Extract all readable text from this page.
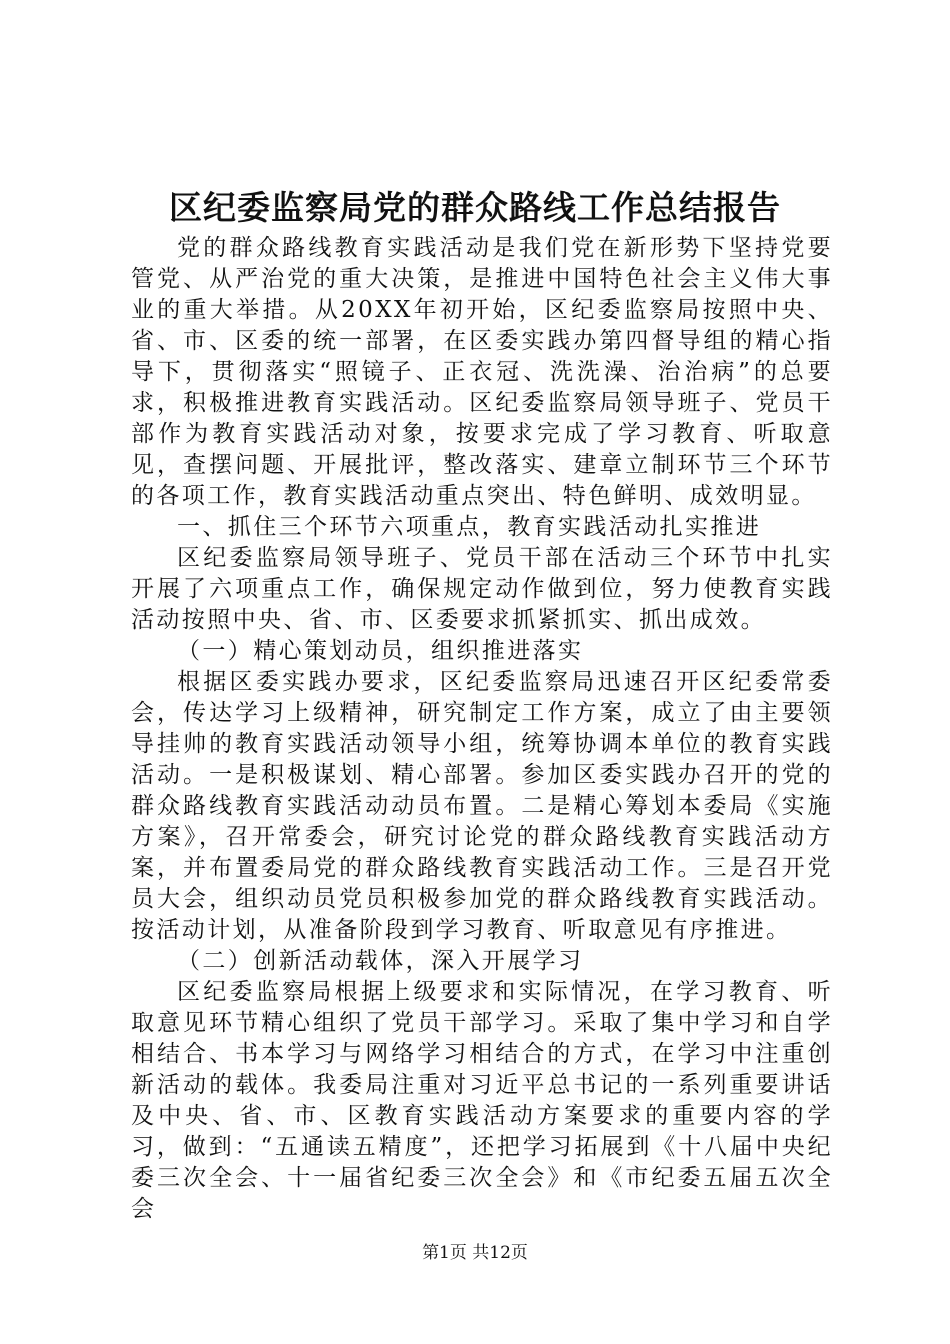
区纪委监察局党的群众路线工作总结报告

党的群众路线教育实践活动是我们党在新形势下坚持党要管党、从严治党的重大决策，是推进中国特色社会主义伟大事业的重大举措。从20XX年初开始，区纪委监察局按照中央、省、市、区委的统一部署，在区委实践办第四督导组的精心指导下，贯彻落实“照镜子、正衣冠、洗洗澡、治治病”的总要求，积极推进教育实践活动。区纪委监察局领导班子、党员干部作为教育实践活动对象，按要求完成了学习教育、听取意见，查摆问题、开展批评，整改落实、建章立制环节三个环节的各项工作，教育实践活动重点突出、特色鲜明、成效明显。

一、抓住三个环节六项重点，教育实践活动扎实推进

区纪委监察局领导班子、党员干部在活动三个环节中扎实开展了六项重点工作，确保规定动作做到位，努力使教育实践活动按照中央、省、市、区委要求抓紧抓实、抓出成效。

（一）精心策划动员，组织推进落实

根据区委实践办要求，区纪委监察局迅速召开区纪委常委会，传达学习上级精神，研究制定工作方案，成立了由主要领导挂帅的教育实践活动领导小组，统筹协调本单位的教育实践活动。一是积极谋划、精心部署。参加区委实践办召开的党的群众路线教育实践活动动员布置。二是精心筹划本委局《实施方案》，召开常委会，研究讨论党的群众路线教育实践活动方案，并布置委局党的群众路线教育实践活动工作。三是召开党员大会，组织动员党员积极参加党的群众路线教育实践活动。按活动计划，从准备阶段到学习教育、听取意见有序推进。

（二）创新活动载体，深入开展学习

区纪委监察局根据上级要求和实际情况，在学习教育、听取意见环节精心组织了党员干部学习。采取了集中学习和自学相结合、书本学习与网络学习相结合的方式，在学习中注重创新活动的载体。我委局注重对习近平总书记的一系列重要讲话及中央、省、市、区教育实践活动方案要求的重要内容的学习，做到：“五通读五精度”，还把学习拓展到《十八届中央纪委三次全会、十一届省纪委三次全会》和《市纪委五届五次全会

第1页 共12页
